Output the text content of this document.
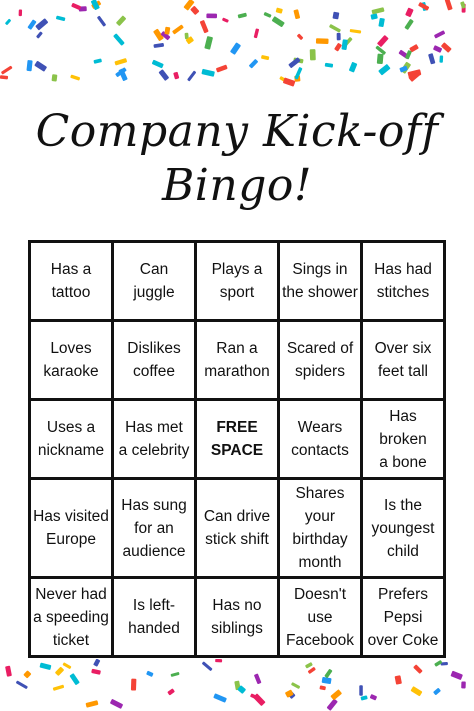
Company Kick-off
Bingo!
Has a
tattoo
Can
juggle
Plays a
sport
Sings in
the shower
Has had
stitches
Loves
karaoke
Dislikes
coffee
Ran a
marathon
Scared of
spiders
Over six
feet tall
Uses a
nickname
Has met
a celebrity
FREE
SPACE
Wears
contacts
Has broken
a bone
Has visited
Europe
Has sung
for an
audience
Can drive
stick shift
Shares your
birthday
month
Is the
youngest
child
Never had
a speeding
ticket
Is left-
handed
Has no
siblings
Doesn't
use
Facebook
Prefers
Pepsi
over Coke
